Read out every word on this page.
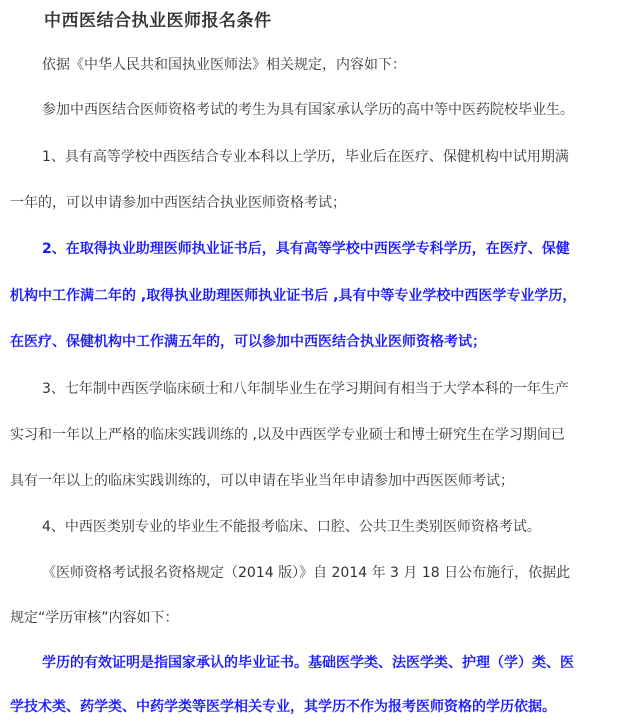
中西医结合执业医师报名条件
依据《中华人民共和国执业医师法》相关规定，内容如下：
参加中西医结合医师资格考试的考生为具有国家承认学历的高中等中医药院校毕业生。
1、具有高等学校中西医结合专业本科以上学历，毕业后在医疗、保健机构中试用期满
一年的，可以申请参加中西医结合执业医师资格考试；
2、在取得执业助理医师执业证书后，具有高等学校中西医学专科学历，在医疗、保健
机构中工作满二年的 ,取得执业助理医师执业证书后 ,具有中等专业学校中西医学专业学历，
在医疗、保健机构中工作满五年的，可以参加中西医结合执业医师资格考试；
3、七年制中西医学临床硕士和八年制毕业生在学习期间有相当于大学本科的一年生产
实习和一年以上严格的临床实践训练的 ,以及中西医学专业硕士和博士研究生在学习期间已
具有一年以上的临床实践训练的，可以申请在毕业当年申请参加中西医医师考试；
4、中西医类别专业的毕业生不能报考临床、口腔、公共卫生类别医师资格考试。
《医师资格考试报名资格规定（2014 版）》自 2014 年 3 月 18 日公布施行，依据此
规定“学历审核”内容如下：
学历的有效证明是指国家承认的毕业证书。基础医学类、法医学类、护理（学）类、医
学技术类、药学类、中药学类等医学相关专业，其学历不作为报考医师资格的学历依据。
